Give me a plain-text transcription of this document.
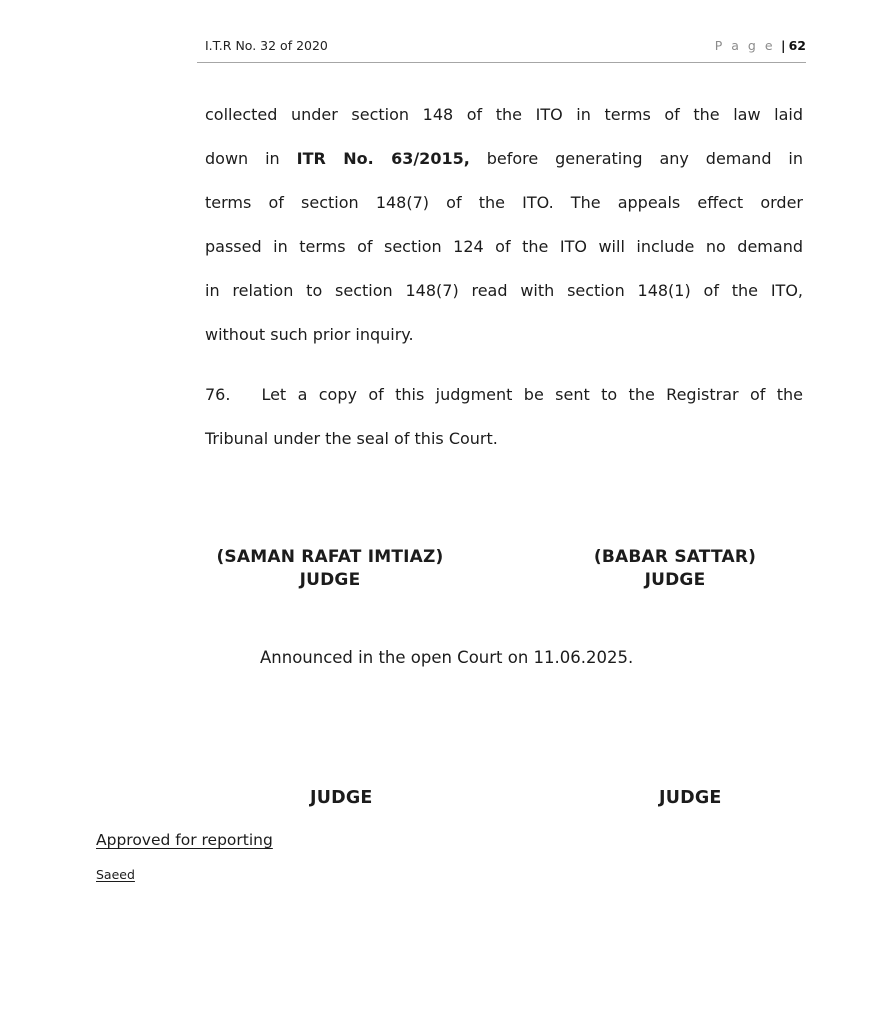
I.T.R No. 32 of 2020	P a g e | 62
collected under section 148 of the ITO in terms of the law laid
down in ITR No. 63/2015, before generating any demand in
terms of section 148(7) of the ITO. The appeals effect order
passed in terms of section 124 of the ITO will include no demand
in relation to section 148(7) read with section 148(1) of the ITO,
without such prior inquiry.
76. Let a copy of this judgment be sent to the Registrar of the
Tribunal under the seal of this Court.
(SAMAN RAFAT IMTIAZ)
JUDGE
(BABAR SATTAR)
JUDGE
Announced in the open Court on 11.06.2025.
JUDGE	JUDGE
Approved for reporting
Saeed
